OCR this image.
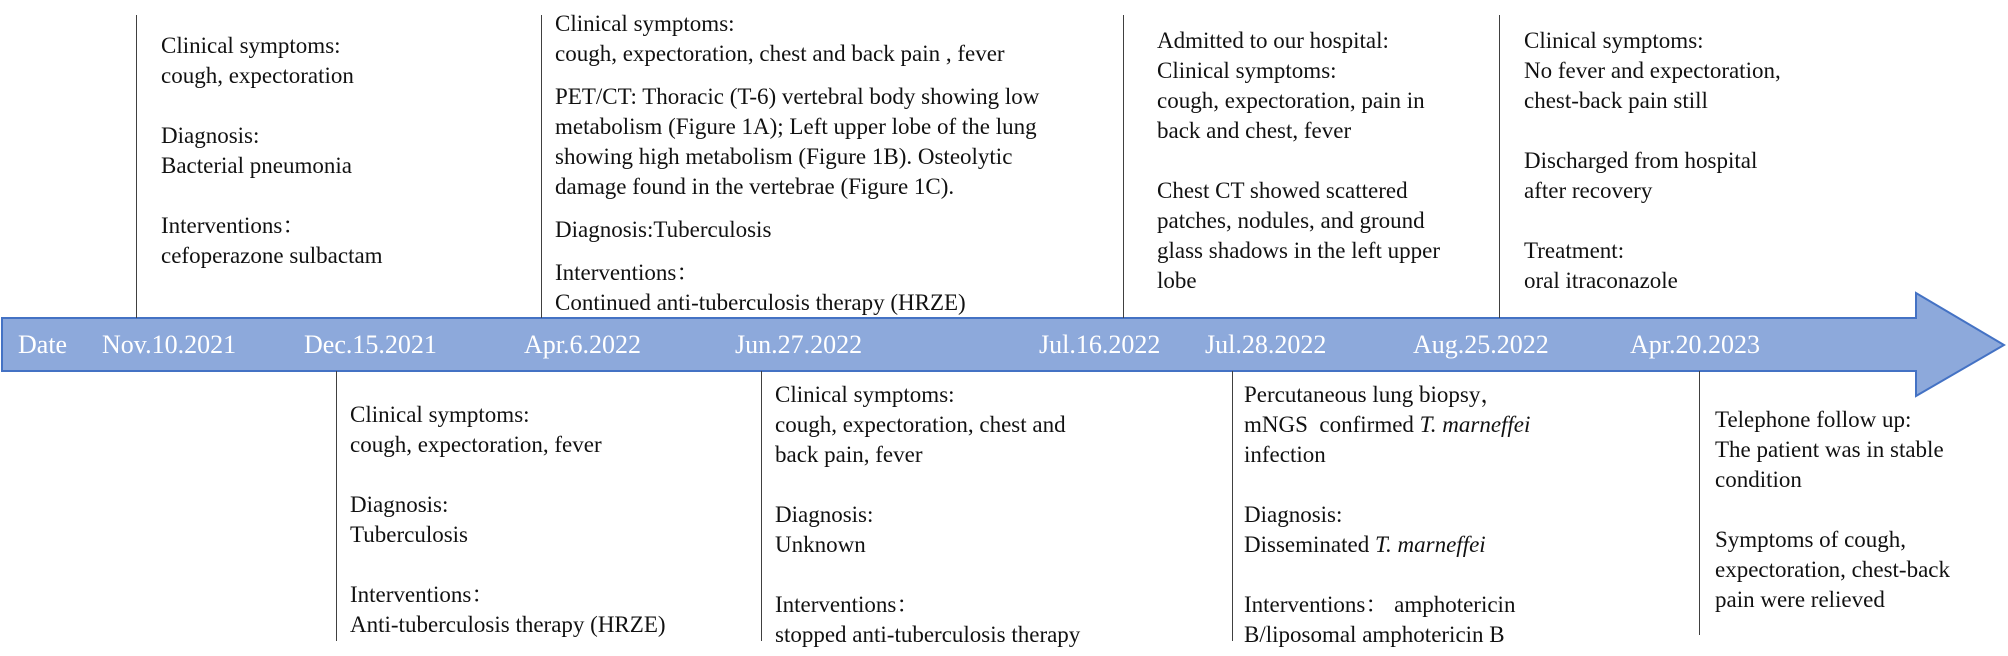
Date Nov.10.2021	Dec.15.2021	Apr.6.2022	Jun.27.2022	Jul.16.2022 Jul.28.2022	Aug.25.2022	Apr.20.2023

Clinical symptoms:

cough, expectoration

Diagnosis:

Bacterial pneumonia

Interventions：

cefoperazone sulbactam

Clinical symptoms:

cough, expectoration, chest and back pain , fever

PET/CT: Thoracic (T-6) vertebral body showing low

metabolism (Figure 1A); Left upper lobe of the lung

showing high metabolism (Figure 1B). Osteolytic

damage found in the vertebrae (Figure 1C).

Diagnosis:Tuberculosis

Interventions：

Continued anti-tuberculosis therapy (HRZE)

Admitted to our hospital:

Clinical symptoms:

cough, expectoration, pain in

back and chest, fever

Chest CT showed scattered

patches, nodules, and ground

glass shadows in the left upper

lobe

Clinical symptoms:

No fever and expectoration,

chest-back pain still

Discharged from hospital

after recovery

Treatment:

oral itraconazole

Clinical symptoms:

cough, expectoration, fever

Diagnosis:

Tuberculosis

Interventions：

Anti-tuberculosis therapy (HRZE)

Clinical symptoms:

cough, expectoration, chest and

back pain, fever

Diagnosis:

Unknown

Interventions：

stopped anti-tuberculosis therapy

Percutaneous lung biopsy，

mNGS  confirmed T. marneffei

infection

Diagnosis:

Disseminated T. marneffei

Interventions： amphotericin

B/liposomal amphotericin B

Telephone follow up:

The patient was in stable

condition

Symptoms of cough,

expectoration, chest-back

pain were relieved
